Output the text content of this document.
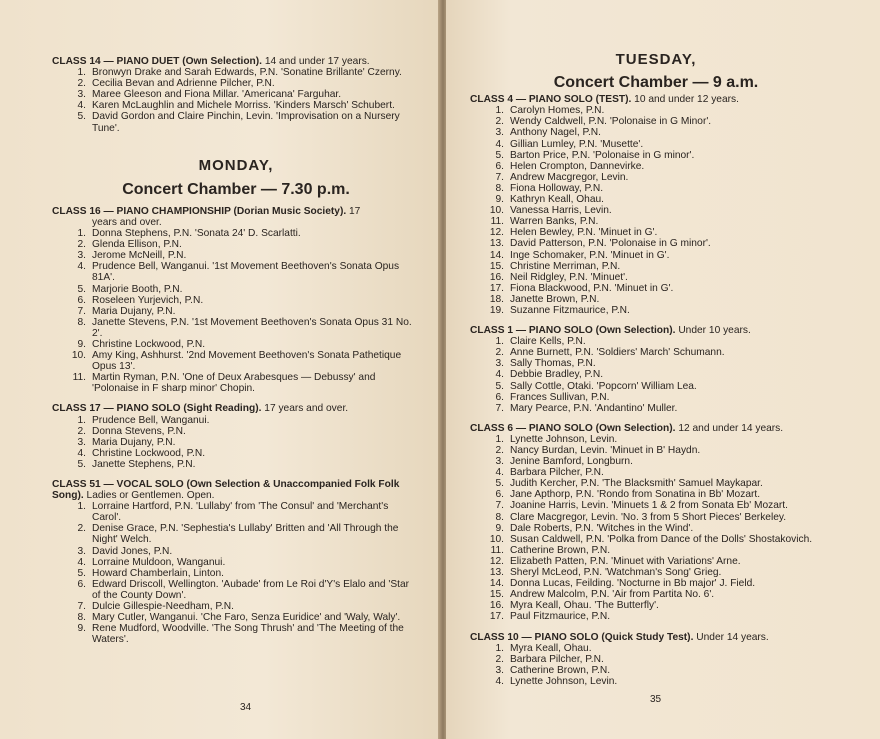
CLASS 14 — PIANO DUET (Own Selection). 14 and under 17 years.
1. Bronwyn Drake and Sarah Edwards, P.N. 'Sonatine Brillante' Czerny.
2. Cecilia Bevan and Adrienne Pilcher, P.N.
3. Maree Gleeson and Fiona Millar. 'Americana' Farguhar.
4. Karen McLaughlin and Michele Morriss. 'Kinders Marsch' Schubert.
5. David Gordon and Claire Pinchin, Levin. 'Improvisation on a Nursery Tune'.
MONDAY,
Concert Chamber — 7.30 p.m.
CLASS 16 — PIANO CHAMPIONSHIP (Dorian Music Society). 17
years and over.
1. Donna Stephens, P.N. 'Sonata 24' D. Scarlatti.
2. Glenda Ellison, P.N.
3. Jerome McNeill, P.N.
4. Prudence Bell, Wanganui. '1st Movement Beethoven's Sonata Opus 81A'.
5. Marjorie Booth, P.N.
6. Roseleen Yurjevich, P.N.
7. Maria Dujany, P.N.
8. Janette Stevens, P.N. '1st Movement Beethoven's Sonata Opus 31 No. 2'.
9. Christine Lockwood, P.N.
10. Amy King, Ashhurst. '2nd Movement Beethoven's Sonata Pathetique Opus 13'.
11. Martin Ryman, P.N. 'One of Deux Arabesques — Debussy' and 'Polonaise in F sharp minor' Chopin.
CLASS 17 — PIANO SOLO (Sight Reading). 17 years and over.
1. Prudence Bell, Wanganui.
2. Donna Stevens, P.N.
3. Maria Dujany, P.N.
4. Christine Lockwood, P.N.
5. Janette Stephens, P.N.
CLASS 51 — VOCAL SOLO (Own Selection & Unaccompanied Folk Folk Song). Ladies or Gentlemen. Open.
1. Lorraine Hartford, P.N. 'Lullaby' from 'The Consul' and 'Merchant's Carol'.
2. Denise Grace, P.N. 'Sephestia's Lullaby' Britten and 'All Through the Night' Welch.
3. David Jones, P.N.
4. Lorraine Muldoon, Wanganui.
5. Howard Chamberlain, Linton.
6. Edward Driscoll, Wellington. 'Aubade' from Le Roi d'Y's Elalo and 'Star of the County Down'.
7. Dulcie Gillespie-Needham, P.N.
8. Mary Cutler, Wanganui. 'Che Faro, Senza Euridice' and 'Waly, Waly'.
9. Rene Mudford, Woodville. 'The Song Thrush' and 'The Meeting of the Waters'.
34
TUESDAY,
Concert Chamber — 9 a.m.
CLASS 4 — PIANO SOLO (TEST). 10 and under 12 years.
1. Carolyn Homes, P.N.
2. Wendy Caldwell, P.N. 'Polonaise in G Minor'.
3. Anthony Nagel, P.N.
4. Gillian Lumley, P.N. 'Musette'.
5. Barton Price, P.N. 'Polonaise in G minor'.
6. Helen Crompton, Dannevirke.
7. Andrew Macgregor, Levin.
8. Fiona Holloway, P.N.
9. Kathryn Keall, Ohau.
10. Vanessa Harris, Levin.
11. Warren Banks, P.N.
12. Helen Bewley, P.N. 'Minuet in G'.
13. David Patterson, P.N. 'Polonaise in G minor'.
14. Inge Schomaker, P.N. 'Minuet in G'.
15. Christine Merriman, P.N.
16. Neil Ridgley, P.N. 'Minuet'.
17. Fiona Blackwood, P.N. 'Minuet in G'.
18. Janette Brown, P.N.
19. Suzanne Fitzmaurice, P.N.
CLASS 1 — PIANO SOLO (Own Selection). Under 10 years.
1. Claire Kells, P.N.
2. Anne Burnett, P.N. 'Soldiers' March' Schumann.
3. Sally Thomas, P.N.
4. Debbie Bradley, P.N.
5. Sally Cottle, Otaki. 'Popcorn' William Lea.
6. Frances Sullivan, P.N.
7. Mary Pearce, P.N. 'Andantino' Muller.
CLASS 6 — PIANO SOLO (Own Selection). 12 and under 14 years.
1. Lynette Johnson, Levin.
2. Nancy Burdan, Levin. 'Minuet in B' Haydn.
3. Jenine Bamford, Longburn.
4. Barbara Pilcher, P.N.
5. Judith Kercher, P.N. 'The Blacksmith' Samuel Maykapar.
6. Jane Apthorp, P.N. 'Rondo from Sonatina in Bb' Mozart.
7. Joanine Harris, Levin. 'Minuets 1 & 2 from Sonata Eb' Mozart.
8. Clare Macgregor, Levin. 'No. 3 from 5 Short Pieces' Berkeley.
9. Dale Roberts, P.N. 'Witches in the Wind'.
10. Susan Caldwell, P.N. 'Polka from Dance of the Dolls' Shostakovich.
11. Catherine Brown, P.N.
12. Elizabeth Patten, P.N. 'Minuet with Variations' Arne.
13. Sheryl McLeod, P.N. 'Watchman's Song' Grieg.
14. Donna Lucas, Feilding. 'Nocturne in Bb major' J. Field.
15. Andrew Malcolm, P.N. 'Air from Partita No. 6'.
16. Myra Keall, Ohau. 'The Butterfly'.
17. Paul Fitzmaurice, P.N.
CLASS 10 — PIANO SOLO (Quick Study Test). Under 14 years.
1. Myra Keall, Ohau.
2. Barbara Pilcher, P.N.
3. Catherine Brown, P.N.
4. Lynette Johnson, Levin.
35
